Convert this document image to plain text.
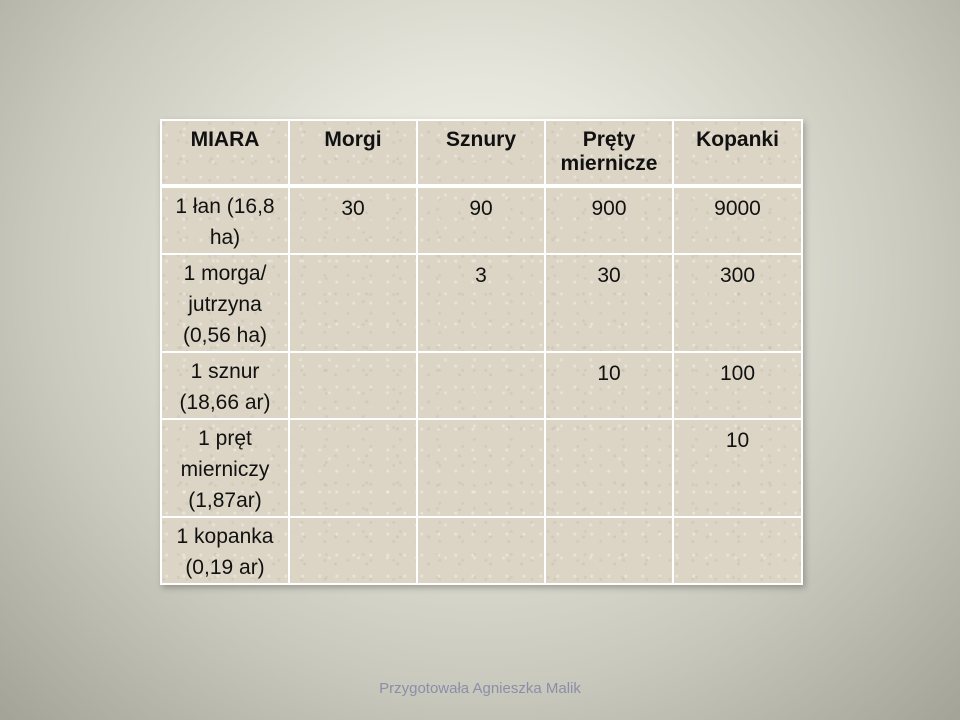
MIARA	Morgi	Sznury	Pręty miernicze	Kopanki
1 łan (16,8 ha)	30	90	900	9000
1 morga/ jutrzyna (0,56 ha)		3	30	300
1 sznur (18,66 ar)			10	100
1 pręt mierniczy (1,87ar)				10
1 kopanka (0,19 ar)				
Przygotowała Agnieszka Malik
